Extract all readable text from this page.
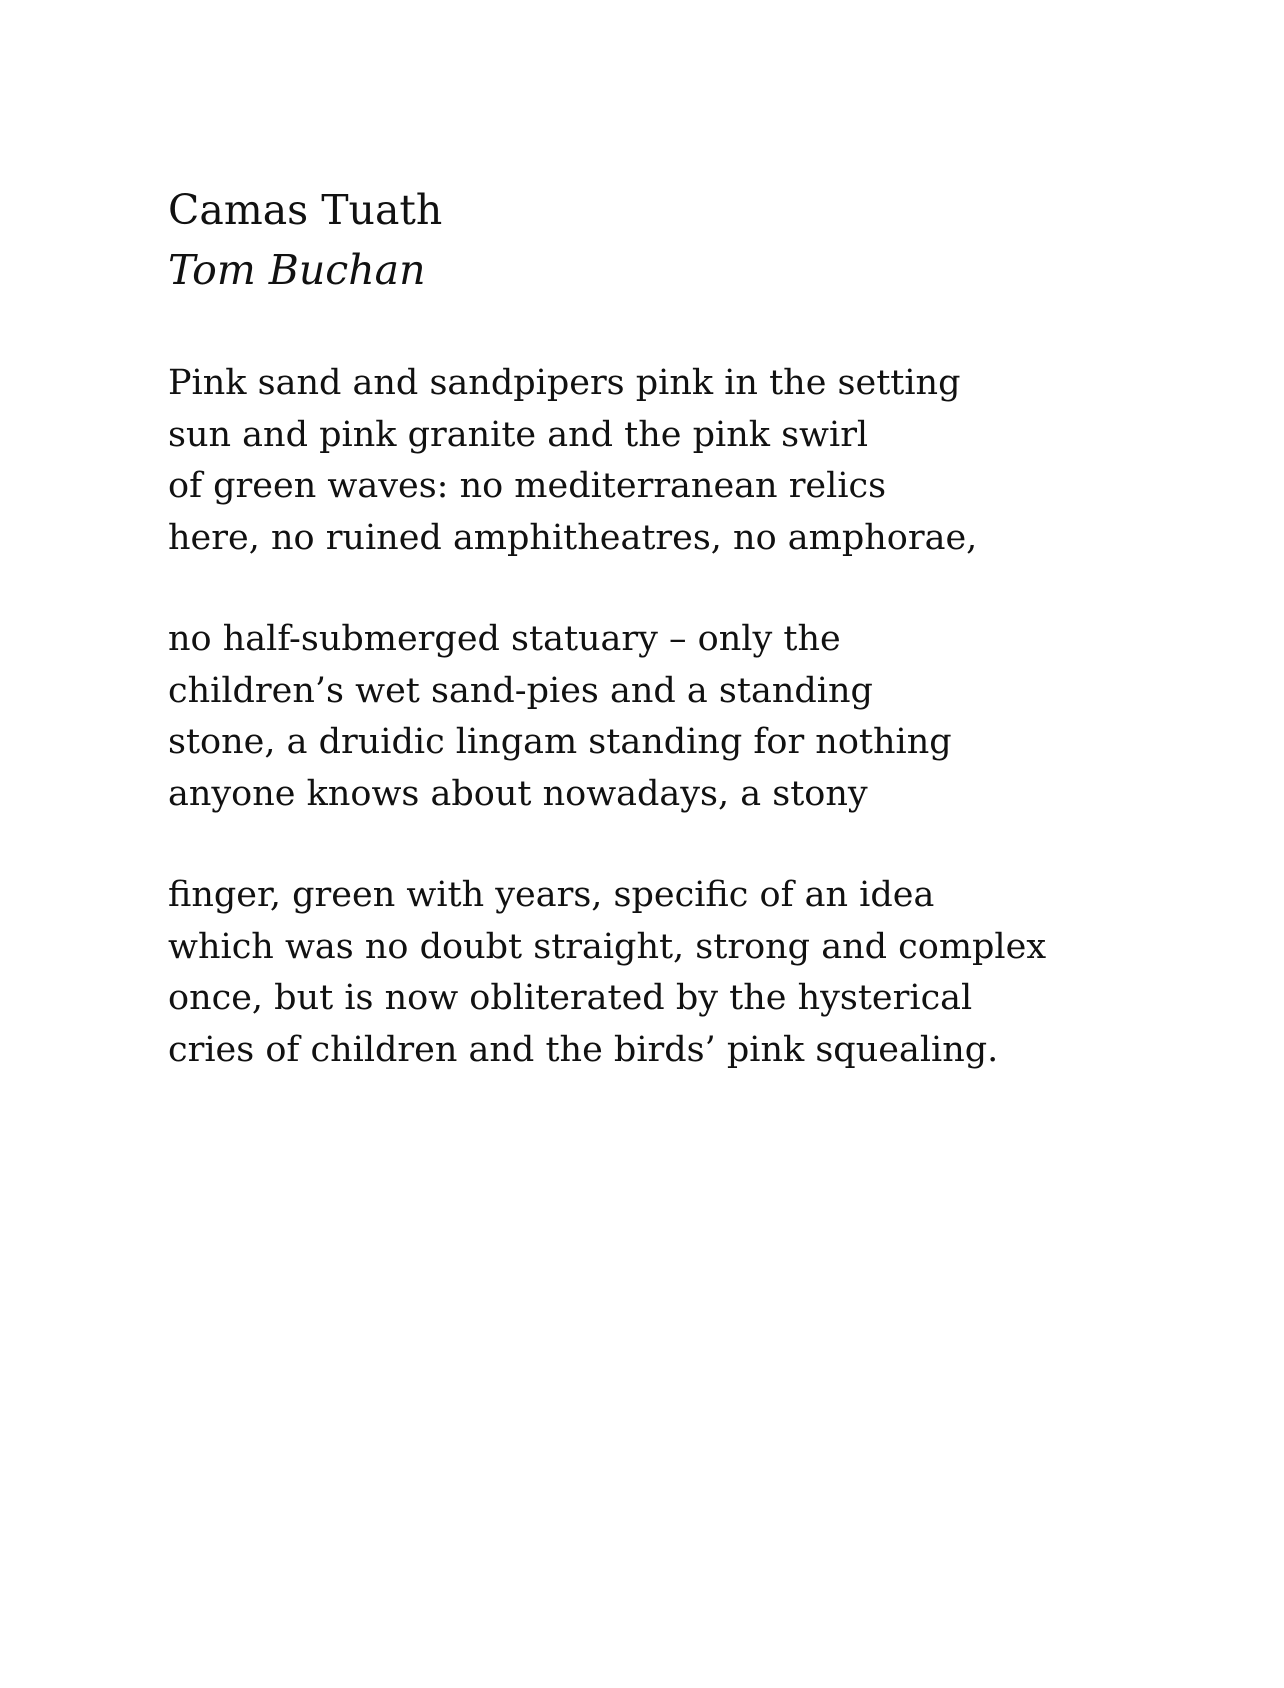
Camas Tuath
Tom Buchan
Pink sand and sandpipers pink in the setting
sun and pink granite and the pink swirl
of green waves: no mediterranean relics
here, no ruined amphitheatres, no amphorae,
no half-submerged statuary – only the
children’s wet sand-pies and a standing
stone, a druidic lingam standing for nothing
anyone knows about nowadays, a stony
finger, green with years, specific of an idea
which was no doubt straight, strong and complex
once, but is now obliterated by the hysterical
cries of children and the birds’ pink squealing.
